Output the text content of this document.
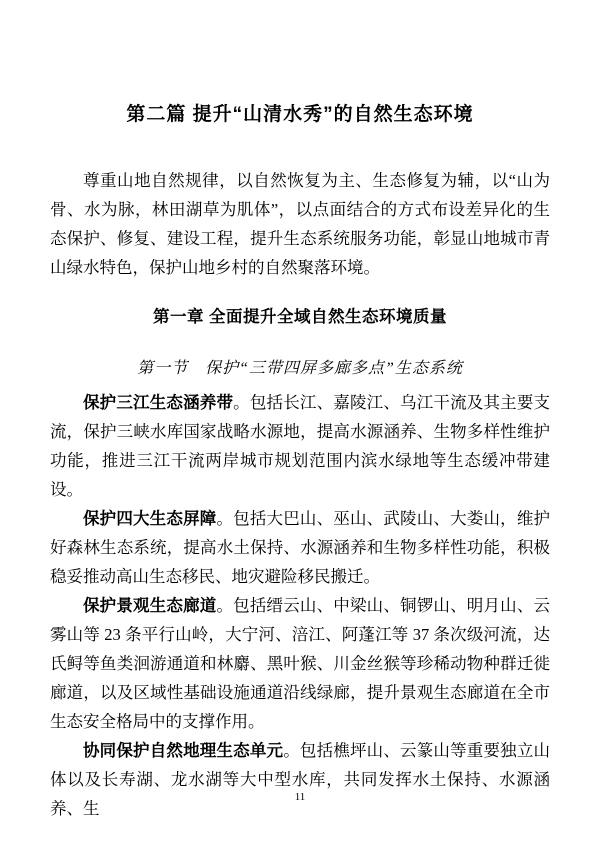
第二篇 提升“山清水秀”的自然生态环境

尊重山地自然规律，以自然恢复为主、生态修复为辅，以“山为骨、水为脉，林田湖草为肌体”，以点面结合的方式布设差异化的生态保护、修复、建设工程，提升生态系统服务功能，彰显山地城市青山绿水特色，保护山地乡村的自然聚落环境。

第一章 全面提升全域自然生态环境质量
第一节　保护“三带四屏多廊多点”生态系统

保护三江生态涵养带。包括长江、嘉陵江、乌江干流及其主要支流，保护三峡水库国家战略水源地，提高水源涵养、生物多样性维护功能，推进三江干流两岸城市规划范围内滨水绿地等生态缓冲带建设。

保护四大生态屏障。包括大巴山、巫山、武陵山、大娄山，维护好森林生态系统，提高水土保持、水源涵养和生物多样性功能，积极稳妥推动高山生态移民、地灾避险移民搬迁。

保护景观生态廊道。包括缙云山、中梁山、铜锣山、明月山、云雾山等 23 条平行山岭，大宁河、涪江、阿蓬江等 37 条次级河流，达氏鲟等鱼类洄游通道和林麝、黑叶猴、川金丝猴等珍稀动物种群迁徙廊道，以及区域性基础设施通道沿线绿廊，提升景观生态廊道在全市生态安全格局中的支撑作用。

协同保护自然地理生态单元。包括樵坪山、云篆山等重要独立山体以及长寿湖、龙水湖等大中型水库，共同发挥水土保持、水源涵养、生

11
